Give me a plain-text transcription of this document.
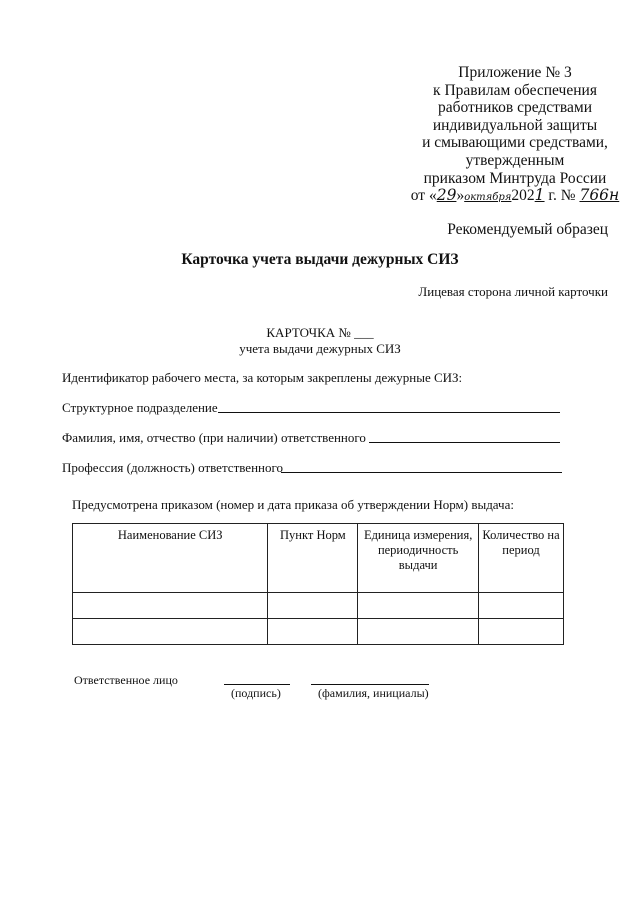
Приложение № 3
к Правилам обеспечения
работников средствами
индивидуальной защиты
и смывающими средствами,
утвержденным
приказом Минтруда России
от «29»октября2021 г. № 766н
Рекомендуемый образец
Карточка учета выдачи дежурных СИЗ
Лицевая сторона личной карточки
КАРТОЧКА № ___
учета выдачи дежурных СИЗ
Идентификатор рабочего места, за которым закреплены дежурные СИЗ:
Структурное подразделение
Фамилия, имя, отчество (при наличии) ответственного
Профессия (должность) ответственного
Предусмотрена приказом (номер и дата приказа об утверждении Норм) выдача:
Наименование СИЗ	Пункт Норм	Единица измерения, периодичность выдачи	Количество на период

Ответственное лицо
(подпись)	(фамилия, инициалы)
